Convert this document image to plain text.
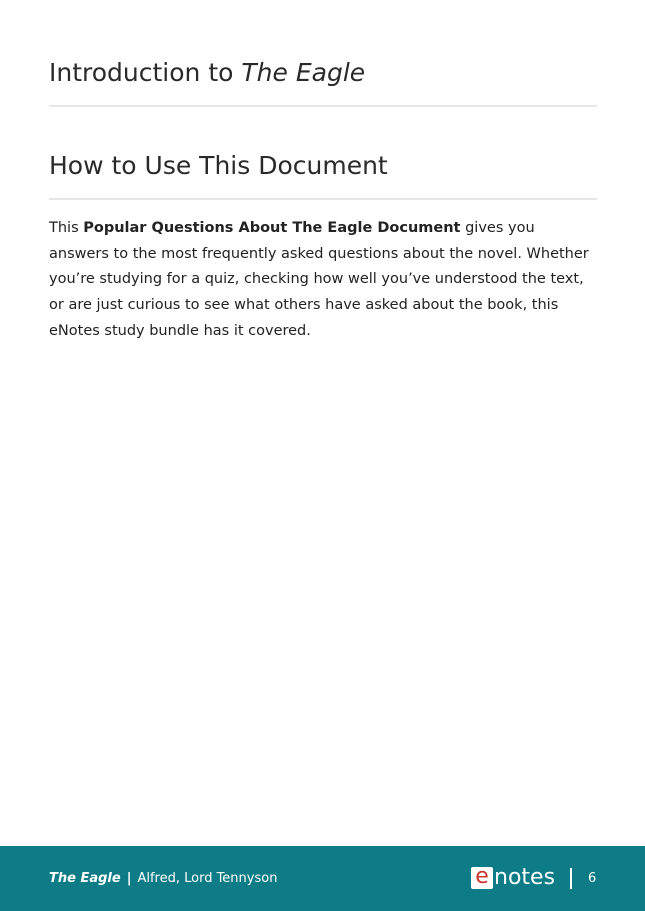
Introduction to The Eagle
How to Use This Document

This Popular Questions About The Eagle Document gives you
answers to the most frequently asked questions about the novel. Whether
you’re studying for a quiz, checking how well you’ve understood the text,
or are just curious to see what others have asked about the book, this
eNotes study bundle has it covered.

The Eagle | Alfred, Lord Tennyson	e notes	6
